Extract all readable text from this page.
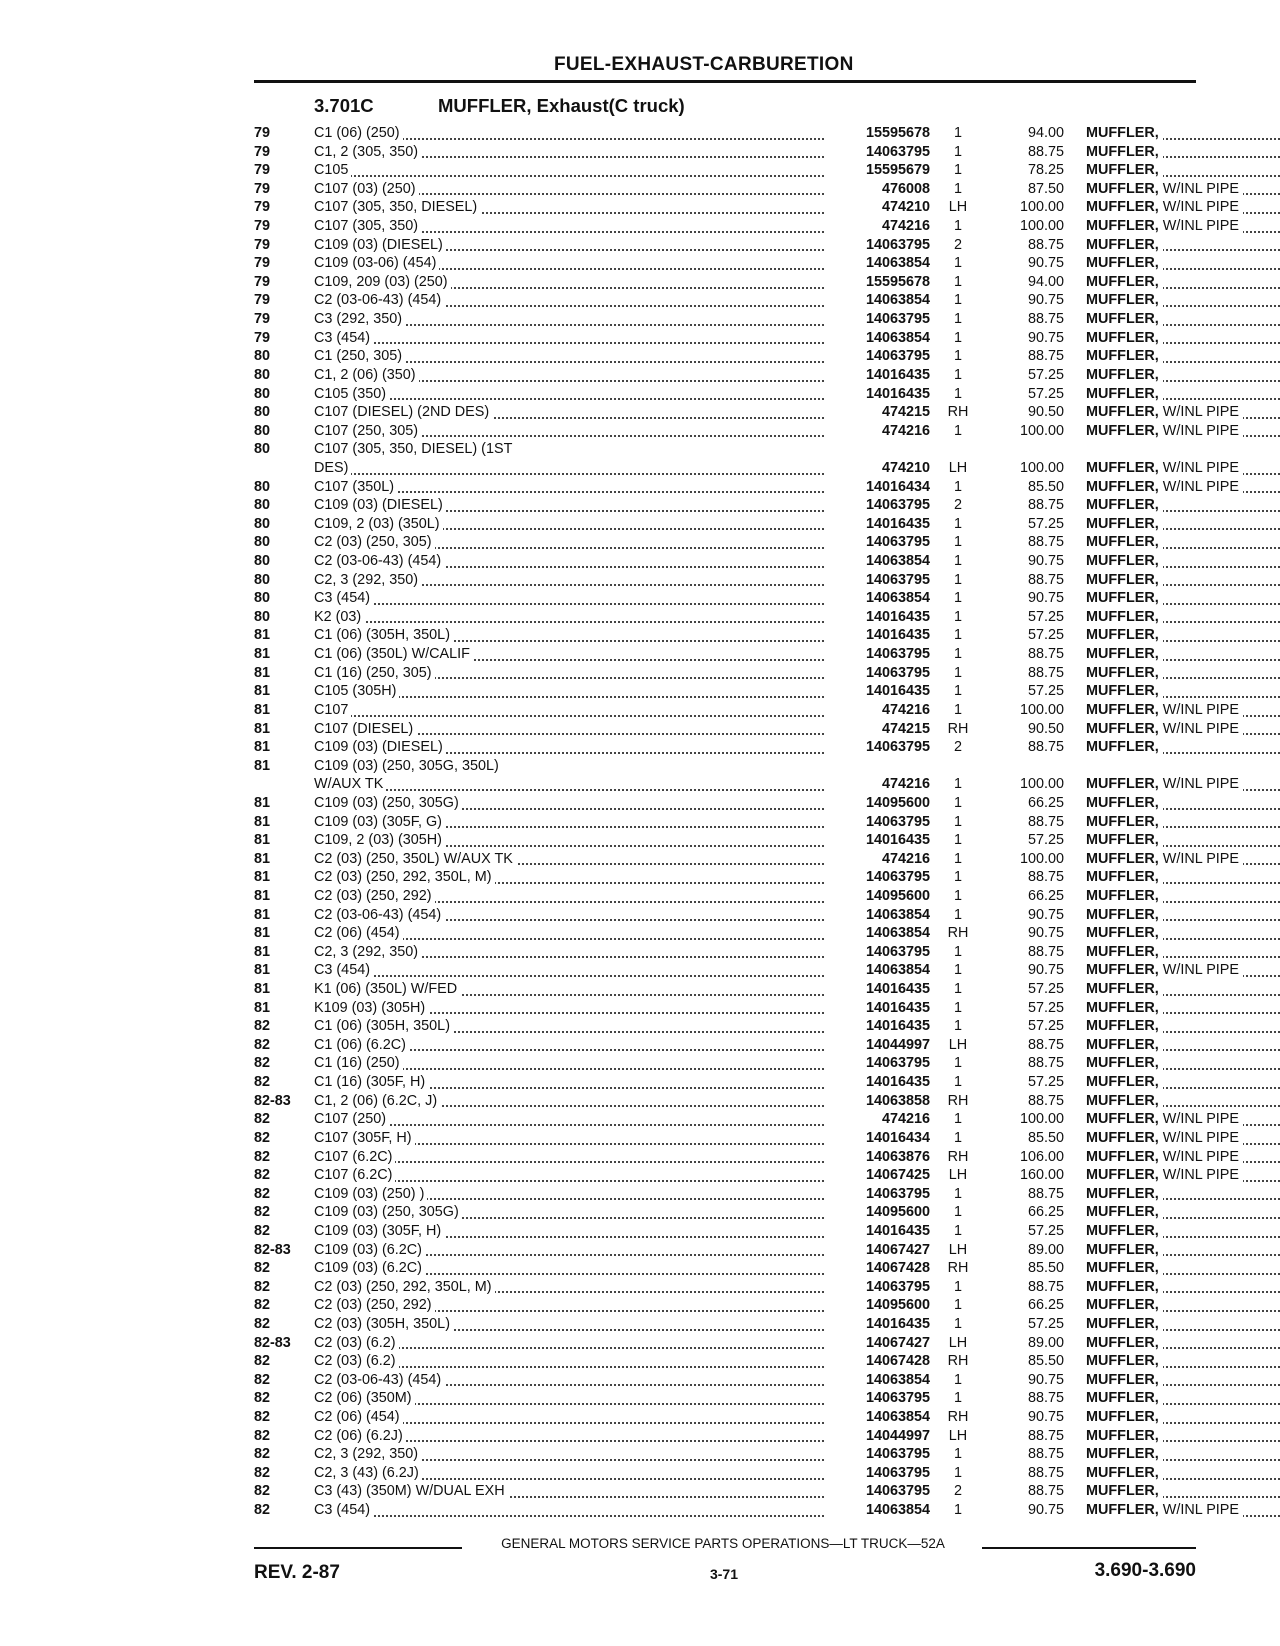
FUEL-EXHAUST-CARBURETION
3.701C	MUFFLER, Exhaust(C truck)
79	C1 (06) (250)	15595678	1	94.00 MUFFLER,
79	C1, 2 (305, 350)	14063795	1	88.75 MUFFLER,
79	C105	15595679	1	78.25 MUFFLER,
79	C107 (03) (250)	476008	1	87.50 MUFFLER, W/INL PIPE
79	C107 (305, 350, DIESEL)	474210	LH	100.00 MUFFLER, W/INL PIPE
79	C107 (305, 350)	474216	1	100.00 MUFFLER, W/INL PIPE
79	C109 (03) (DIESEL)	14063795	2	88.75 MUFFLER,
79	C109 (03-06) (454)	14063854	1	90.75 MUFFLER,
79	C109, 209 (03) (250)	15595678	1	94.00 MUFFLER,
79	C2 (03-06-43) (454)	14063854	1	90.75 MUFFLER,
79	C3 (292, 350)	14063795	1	88.75 MUFFLER,
79	C3 (454)	14063854	1	90.75 MUFFLER,
80	C1 (250, 305)	14063795	1	88.75 MUFFLER,
80	C1, 2 (06) (350)	14016435	1	57.25 MUFFLER,
80	C105 (350)	14016435	1	57.25 MUFFLER,
80	C107 (DIESEL) (2ND DES)	474215	RH	90.50 MUFFLER, W/INL PIPE
80	C107 (250, 305)	474216	1	100.00 MUFFLER, W/INL PIPE
80	C107 (305, 350, DIESEL) (1ST
DES)	474210	LH	100.00 MUFFLER, W/INL PIPE
80	C107 (350L)	14016434	1	85.50 MUFFLER, W/INL PIPE
80	C109 (03) (DIESEL)	14063795	2	88.75 MUFFLER,
80	C109, 2 (03) (350L)	14016435	1	57.25 MUFFLER,
80	C2 (03) (250, 305)	14063795	1	88.75 MUFFLER,
80	C2 (03-06-43) (454)	14063854	1	90.75 MUFFLER,
80	C2, 3 (292, 350)	14063795	1	88.75 MUFFLER,
80	C3 (454)	14063854	1	90.75 MUFFLER,
80	K2 (03)	14016435	1	57.25 MUFFLER,
81	C1 (06) (305H, 350L)	14016435	1	57.25 MUFFLER,
81	C1 (06) (350L) W/CALIF	14063795	1	88.75 MUFFLER,
81	C1 (16) (250, 305)	14063795	1	88.75 MUFFLER,
81	C105 (305H)	14016435	1	57.25 MUFFLER,
81	C107	474216	1	100.00 MUFFLER, W/INL PIPE
81	C107 (DIESEL)	474215	RH	90.50 MUFFLER, W/INL PIPE
81	C109 (03) (DIESEL)	14063795	2	88.75 MUFFLER,
81	C109 (03) (250, 305G, 350L)
W/AUX TK	474216	1	100.00 MUFFLER, W/INL PIPE
81	C109 (03) (250, 305G)	14095600	1	66.25 MUFFLER,
81	C109 (03) (305F, G)	14063795	1	88.75 MUFFLER,
81	C109, 2 (03) (305H)	14016435	1	57.25 MUFFLER,
81	C2 (03) (250, 350L) W/AUX TK	474216	1	100.00 MUFFLER, W/INL PIPE
81	C2 (03) (250, 292, 350L, M)	14063795	1	88.75 MUFFLER,
81	C2 (03) (250, 292)	14095600	1	66.25 MUFFLER,
81	C2 (03-06-43) (454)	14063854	1	90.75 MUFFLER,
81	C2 (06) (454)	14063854	RH	90.75 MUFFLER,
81	C2, 3 (292, 350)	14063795	1	88.75 MUFFLER,
81	C3 (454)	14063854	1	90.75 MUFFLER, W/INL PIPE
81	K1 (06) (350L) W/FED	14016435	1	57.25 MUFFLER,
81	K109 (03) (305H)	14016435	1	57.25 MUFFLER,
82	C1 (06) (305H, 350L)	14016435	1	57.25 MUFFLER,
82	C1 (06) (6.2C)	14044997	LH	88.75 MUFFLER,
82	C1 (16) (250)	14063795	1	88.75 MUFFLER,
82	C1 (16) (305F, H)	14016435	1	57.25 MUFFLER,
82-83	C1, 2 (06) (6.2C, J)	14063858	RH	88.75 MUFFLER,
82	C107 (250)	474216	1	100.00 MUFFLER, W/INL PIPE
82	C107 (305F, H)	14016434	1	85.50 MUFFLER, W/INL PIPE
82	C107 (6.2C)	14063876	RH	106.00 MUFFLER, W/INL PIPE
82	C107 (6.2C)	14067425	LH	160.00 MUFFLER, W/INL PIPE
82	C109 (03) (250) )	14063795	1	88.75 MUFFLER,
82	C109 (03) (250, 305G)	14095600	1	66.25 MUFFLER,
82	C109 (03) (305F, H)	14016435	1	57.25 MUFFLER,
82-83	C109 (03) (6.2C)	14067427	LH	89.00 MUFFLER,
82	C109 (03) (6.2C)	14067428	RH	85.50 MUFFLER,
82	C2 (03) (250, 292, 350L, M)	14063795	1	88.75 MUFFLER,
82	C2 (03) (250, 292)	14095600	1	66.25 MUFFLER,
82	C2 (03) (305H, 350L)	14016435	1	57.25 MUFFLER,
82-83	C2 (03) (6.2)	14067427	LH	89.00 MUFFLER,
82	C2 (03) (6.2)	14067428	RH	85.50 MUFFLER,
82	C2 (03-06-43) (454)	14063854	1	90.75 MUFFLER,
82	C2 (06) (350M)	14063795	1	88.75 MUFFLER,
82	C2 (06) (454)	14063854	RH	90.75 MUFFLER,
82	C2 (06) (6.2J)	14044997	LH	88.75 MUFFLER,
82	C2, 3 (292, 350)	14063795	1	88.75 MUFFLER,
82	C2, 3 (43) (6.2J)	14063795	1	88.75 MUFFLER,
82	C3 (43) (350M) W/DUAL EXH	14063795	2	88.75 MUFFLER,
82	C3 (454)	14063854	1	90.75 MUFFLER, W/INL PIPE
GENERAL MOTORS SERVICE PARTS OPERATIONS—LT TRUCK—52A
REV. 2-87	3-71	3.690-3.690
